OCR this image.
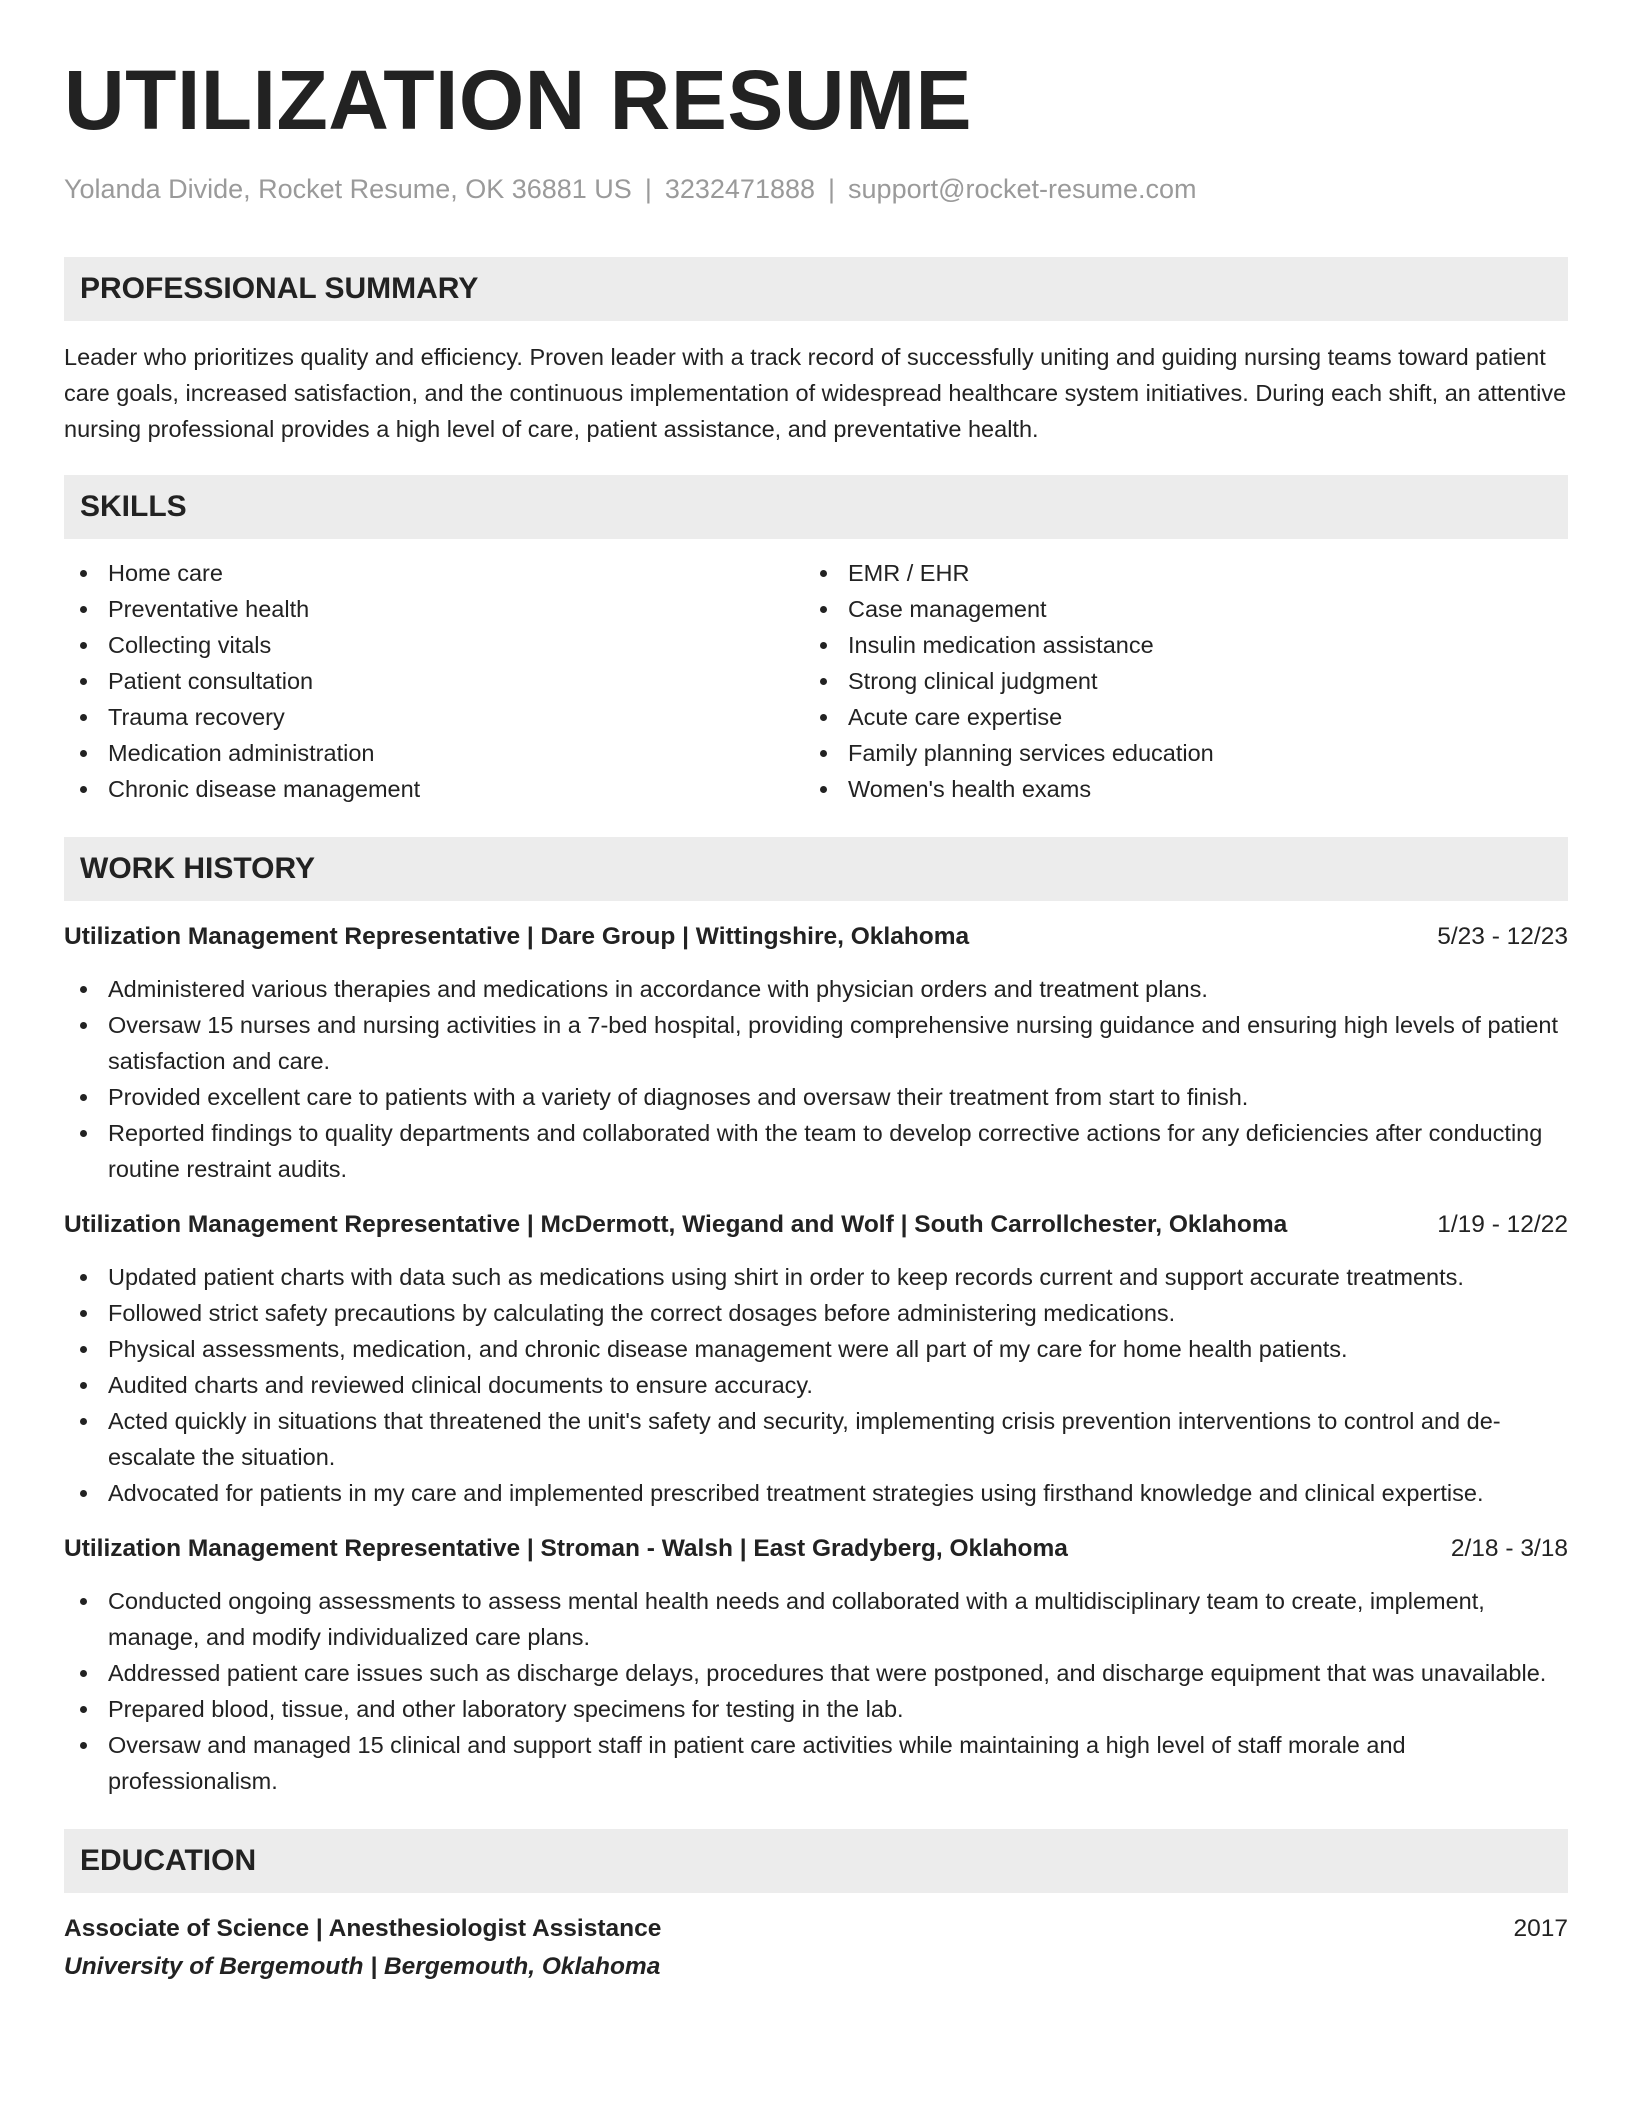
UTILIZATION RESUME
Yolanda Divide, Rocket Resume, OK 36881 US | 3232471888 | support@rocket-resume.com
PROFESSIONAL SUMMARY

Leader who prioritizes quality and efficiency. Proven leader with a track record of successfully uniting and guiding nursing teams toward patient care goals, increased satisfaction, and the continuous implementation of widespread healthcare system initiatives. During each shift, an attentive nursing professional provides a high level of care, patient assistance, and preventative health.

SKILLS
Home care
Preventative health
Collecting vitals
Patient consultation
Trauma recovery
Medication administration
Chronic disease management
EMR / EHR
Case management
Insulin medication assistance
Strong clinical judgment
Acute care expertise
Family planning services education
Women's health exams
WORK HISTORY
Utilization Management Representative | Dare Group | Wittingshire, Oklahoma	5/23 - 12/23
Administered various therapies and medications in accordance with physician orders and treatment plans.
Oversaw 15 nurses and nursing activities in a 7-bed hospital, providing comprehensive nursing guidance and ensuring high levels of patient satisfaction and care.
Provided excellent care to patients with a variety of diagnoses and oversaw their treatment from start to finish.
Reported findings to quality departments and collaborated with the team to develop corrective actions for any deficiencies after conducting routine restraint audits.
Utilization Management Representative | McDermott, Wiegand and Wolf | South Carrollchester, Oklahoma	1/19 - 12/22
Updated patient charts with data such as medications using shirt in order to keep records current and support accurate treatments.
Followed strict safety precautions by calculating the correct dosages before administering medications.
Physical assessments, medication, and chronic disease management were all part of my care for home health patients.
Audited charts and reviewed clinical documents to ensure accuracy.
Acted quickly in situations that threatened the unit's safety and security, implementing crisis prevention interventions to control and de-escalate the situation.
Advocated for patients in my care and implemented prescribed treatment strategies using firsthand knowledge and clinical expertise.
Utilization Management Representative | Stroman - Walsh | East Gradyberg, Oklahoma	2/18 - 3/18
Conducted ongoing assessments to assess mental health needs and collaborated with a multidisciplinary team to create, implement, manage, and modify individualized care plans.
Addressed patient care issues such as discharge delays, procedures that were postponed, and discharge equipment that was unavailable.
Prepared blood, tissue, and other laboratory specimens for testing in the lab.
Oversaw and managed 15 clinical and support staff in patient care activities while maintaining a high level of staff morale and professionalism.
EDUCATION
Associate of Science | Anesthesiologist Assistance	2017
University of Bergemouth | Bergemouth, Oklahoma
